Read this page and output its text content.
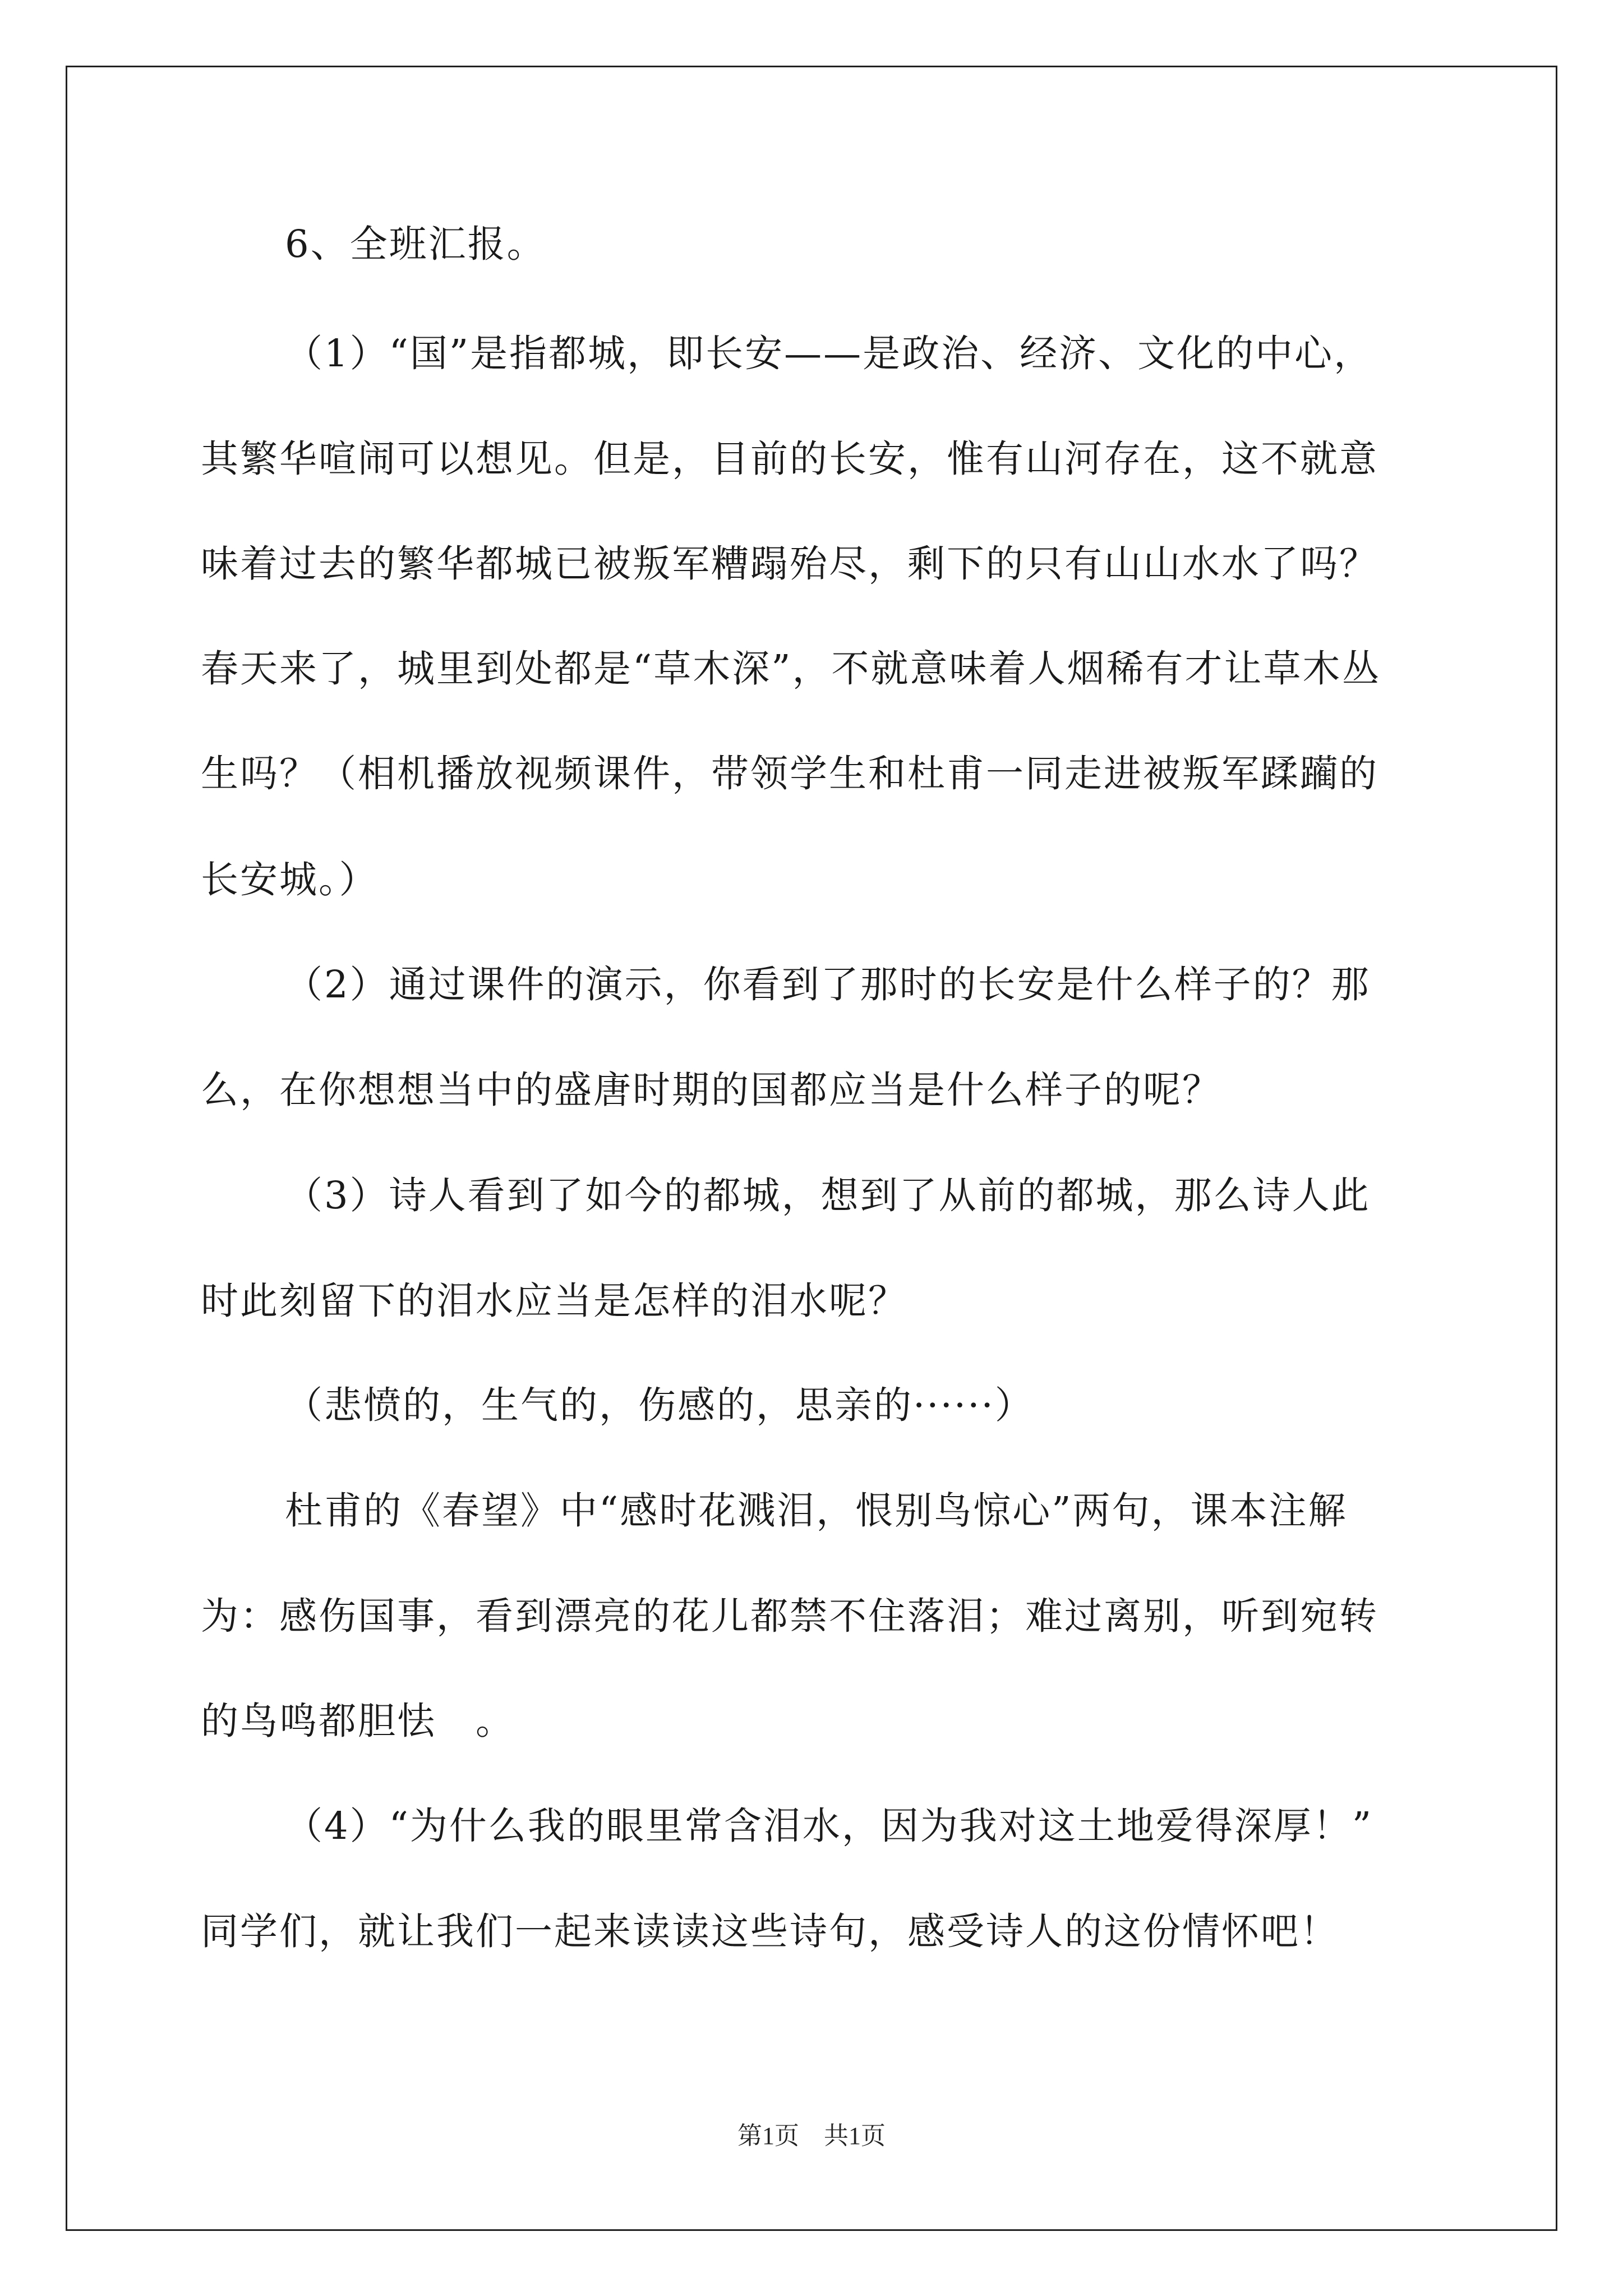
6、全班汇报。
（1）“国”是指都城，即长安——是政治、经济、文化的中心，
其繁华喧闹可以想见。但是，目前的长安，惟有山河存在，这不就意
味着过去的繁华都城已被叛军糟蹋殆尽，剩下的只有山山水水了吗？
春天来了，城里到处都是“草木深”，不就意味着人烟稀有才让草木丛
生吗？（相机播放视频课件，带领学生和杜甫一同走进被叛军蹂躏的
长安城。）
（2）通过课件的演示，你看到了那时的长安是什么样子的？那
么，在你想想当中的盛唐时期的国都应当是什么样子的呢？
（3）诗人看到了如今的都城，想到了从前的都城，那么诗人此
时此刻留下的泪水应当是怎样的泪水呢？
（悲愤的，生气的，伤感的，思亲的······）
杜甫的《春望》中“感时花溅泪，恨别鸟惊心”两句，课本注解
为：感伤国事，看到漂亮的花儿都禁不住落泪；难过离别，听到宛转
的鸟鸣都胆怯　。
（4）“为什么我的眼里常含泪水，因为我对这土地爱得深厚！”
同学们，就让我们一起来读读这些诗句，感受诗人的这份情怀吧！
第1页　共1页
